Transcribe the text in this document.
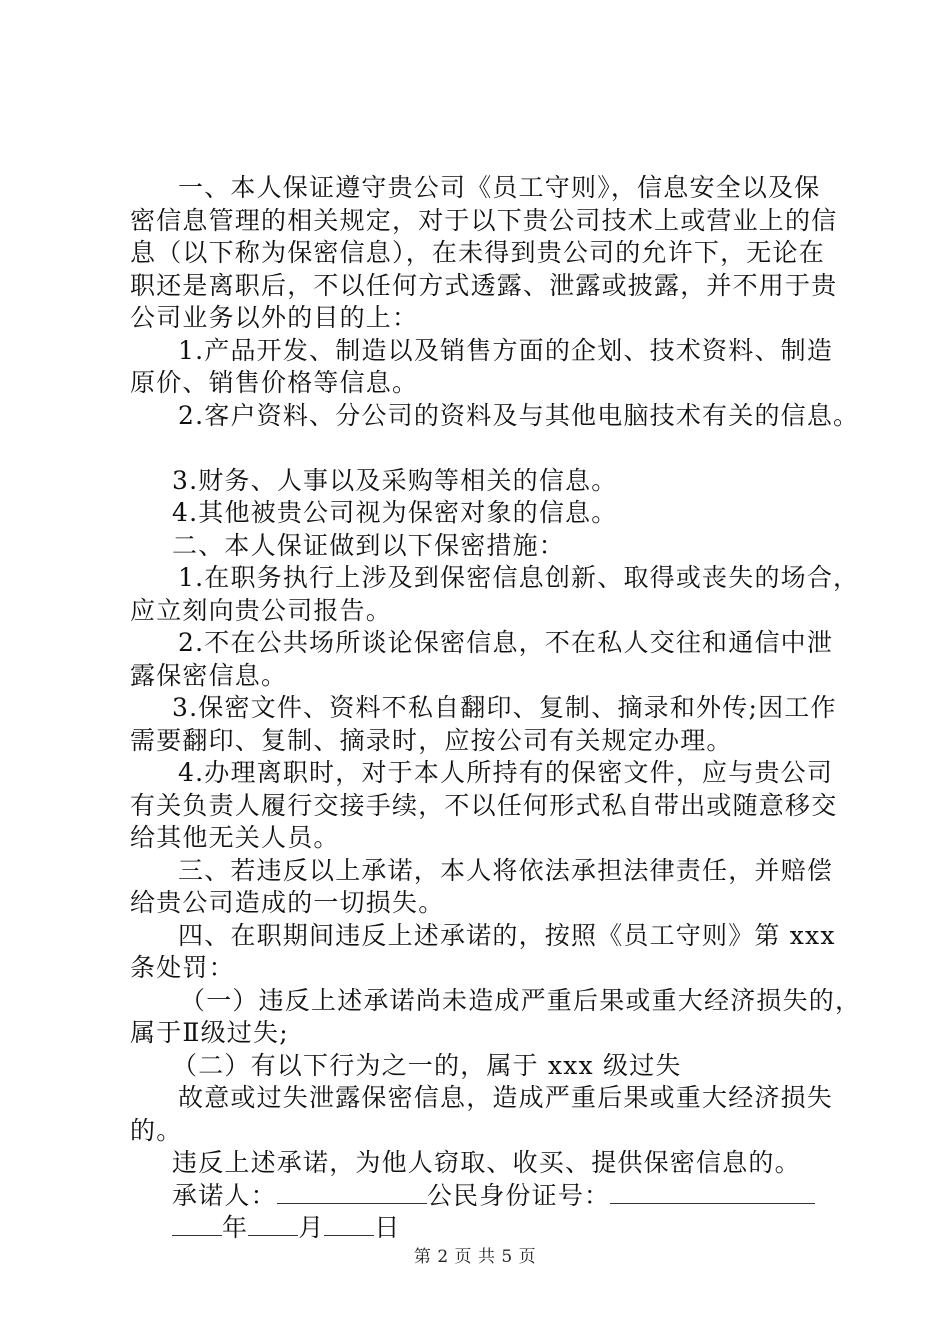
一、本人保证遵守贵公司《员工守则》，信息安全以及保
密信息管理的相关规定，对于以下贵公司技术上或营业上的信
息（以下称为保密信息），在未得到贵公司的允许下，无论在
职还是离职后，不以任何方式透露、泄露或披露，并不用于贵
公司业务以外的目的上：
1.产品开发、制造以及销售方面的企划、技术资料、制造
原价、销售价格等信息。
2.客户资料、分公司的资料及与其他电脑技术有关的信息。
3.财务、人事以及采购等相关的信息。
4.其他被贵公司视为保密对象的信息。
二、本人保证做到以下保密措施：
1.在职务执行上涉及到保密信息创新、取得或丧失的场合，
应立刻向贵公司报告。
2.不在公共场所谈论保密信息，不在私人交往和通信中泄
露保密信息。
3.保密文件、资料不私自翻印、复制、摘录和外传;因工作
需要翻印、复制、摘录时，应按公司有关规定办理。
4.办理离职时，对于本人所持有的保密文件，应与贵公司
有关负责人履行交接手续，不以任何形式私自带出或随意移交
给其他无关人员。
三、若违反以上承诺，本人将依法承担法律责任，并赔偿
给贵公司造成的一切损失。
四、在职期间违反上述承诺的，按照《员工守则》第 xxx
条处罚：
（一）违反上述承诺尚未造成严重后果或重大经济损失的，
属于Ⅱ级过失;
（二）有以下行为之一的，属于 xxx 级过失
故意或过失泄露保密信息，造成严重后果或重大经济损失
的。
违反上述承诺，为他人窃取、收买、提供保密信息的。
承诺人：	公民身份证号：
年 月 日
第 2 页 共 5 页
